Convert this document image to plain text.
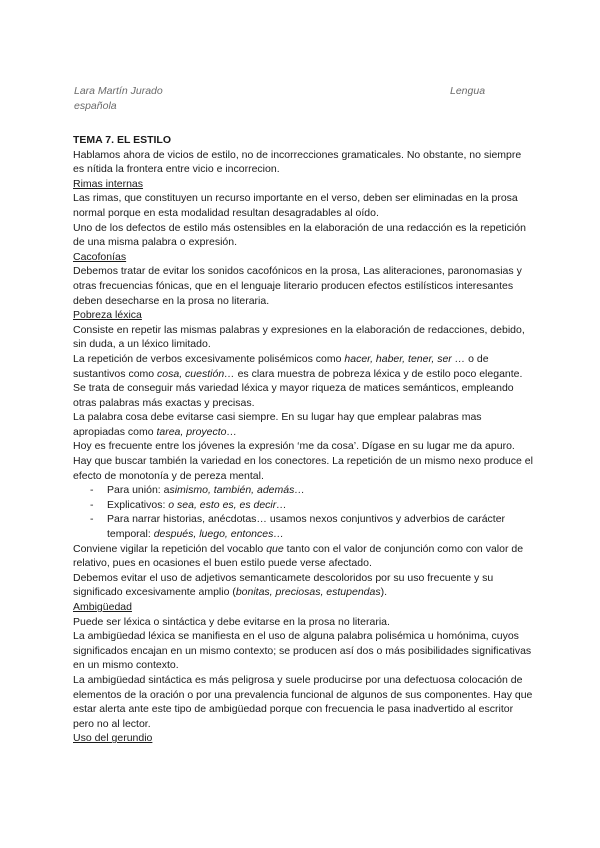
Lara Martín Jurado	Lengua
española

TEMA 7. EL ESTILO

Hablamos ahora de vicios de estilo, no de incorrecciones gramaticales. No obstante, no siempre es nítida la frontera entre vicio e incorrecion.

Rimas internas

Las rimas, que constituyen un recurso importante en el verso, deben ser eliminadas en la prosa normal porque en esta modalidad resultan desagradables al oído.

Uno de los defectos de estilo más ostensibles en la elaboración de una redacción es la repetición de una misma palabra o expresión.

Cacofonías

Debemos tratar de evitar los sonidos cacofónicos en la prosa, Las aliteraciones, paronomasias y otras frecuencias fónicas, que en el lenguaje literario producen efectos estilísticos interesantes deben desecharse en la prosa no literaria.

Pobreza léxica

Consiste en repetir las mismas palabras y expresiones en la elaboración de redacciones, debido, sin duda, a un léxico limitado.

La repetición de verbos excesivamente polisémicos como hacer, haber, tener, ser … o de sustantivos como cosa, cuestión… es clara muestra de pobreza léxica y de estilo poco elegante.

Se trata de conseguir más variedad léxica y mayor riqueza de matices semánticos, empleando otras palabras más exactas y precisas.

La palabra cosa debe evitarse casi siempre. En su lugar hay que emplear palabras mas apropiadas como tarea, proyecto…

Hoy es frecuente entre los jóvenes la expresión ‘me da cosa’. Dígase en su lugar me da apuro.

Hay que buscar también la variedad en los conectores. La repetición de un mismo nexo produce el efecto de monotonía y de pereza mental.

- Para unión: asimismo, también, además…
- Explicativos: o sea, esto es, es decir…
- Para narrar historias, anécdotas… usamos nexos conjuntivos y adverbios de carácter temporal: después, luego, entonces…

Conviene vigilar la repetición del vocablo que tanto con el valor de conjunción como con valor de relativo, pues en ocasiones el buen estilo puede verse afectado.

Debemos evitar el uso de adjetivos semanticamete descoloridos por su uso frecuente y su significado excesivamente amplio (bonitas, preciosas, estupendas).

Ambigüedad

Puede ser léxica o sintáctica y debe evitarse en la prosa no literaria.

La ambigüedad léxica se manifiesta en el uso de alguna palabra polisémica u homónima, cuyos significados encajan en un mismo contexto; se producen así dos o más posibilidades significativas en un mismo contexto.

La ambigüedad sintáctica es más peligrosa y suele producirse por una defectuosa colocación de elementos de la oración o por una prevalencia funcional de algunos de sus componentes. Hay que estar alerta ante este tipo de ambigüedad porque con frecuencia le pasa inadvertido al escritor pero no al lector.

Uso del gerundio
